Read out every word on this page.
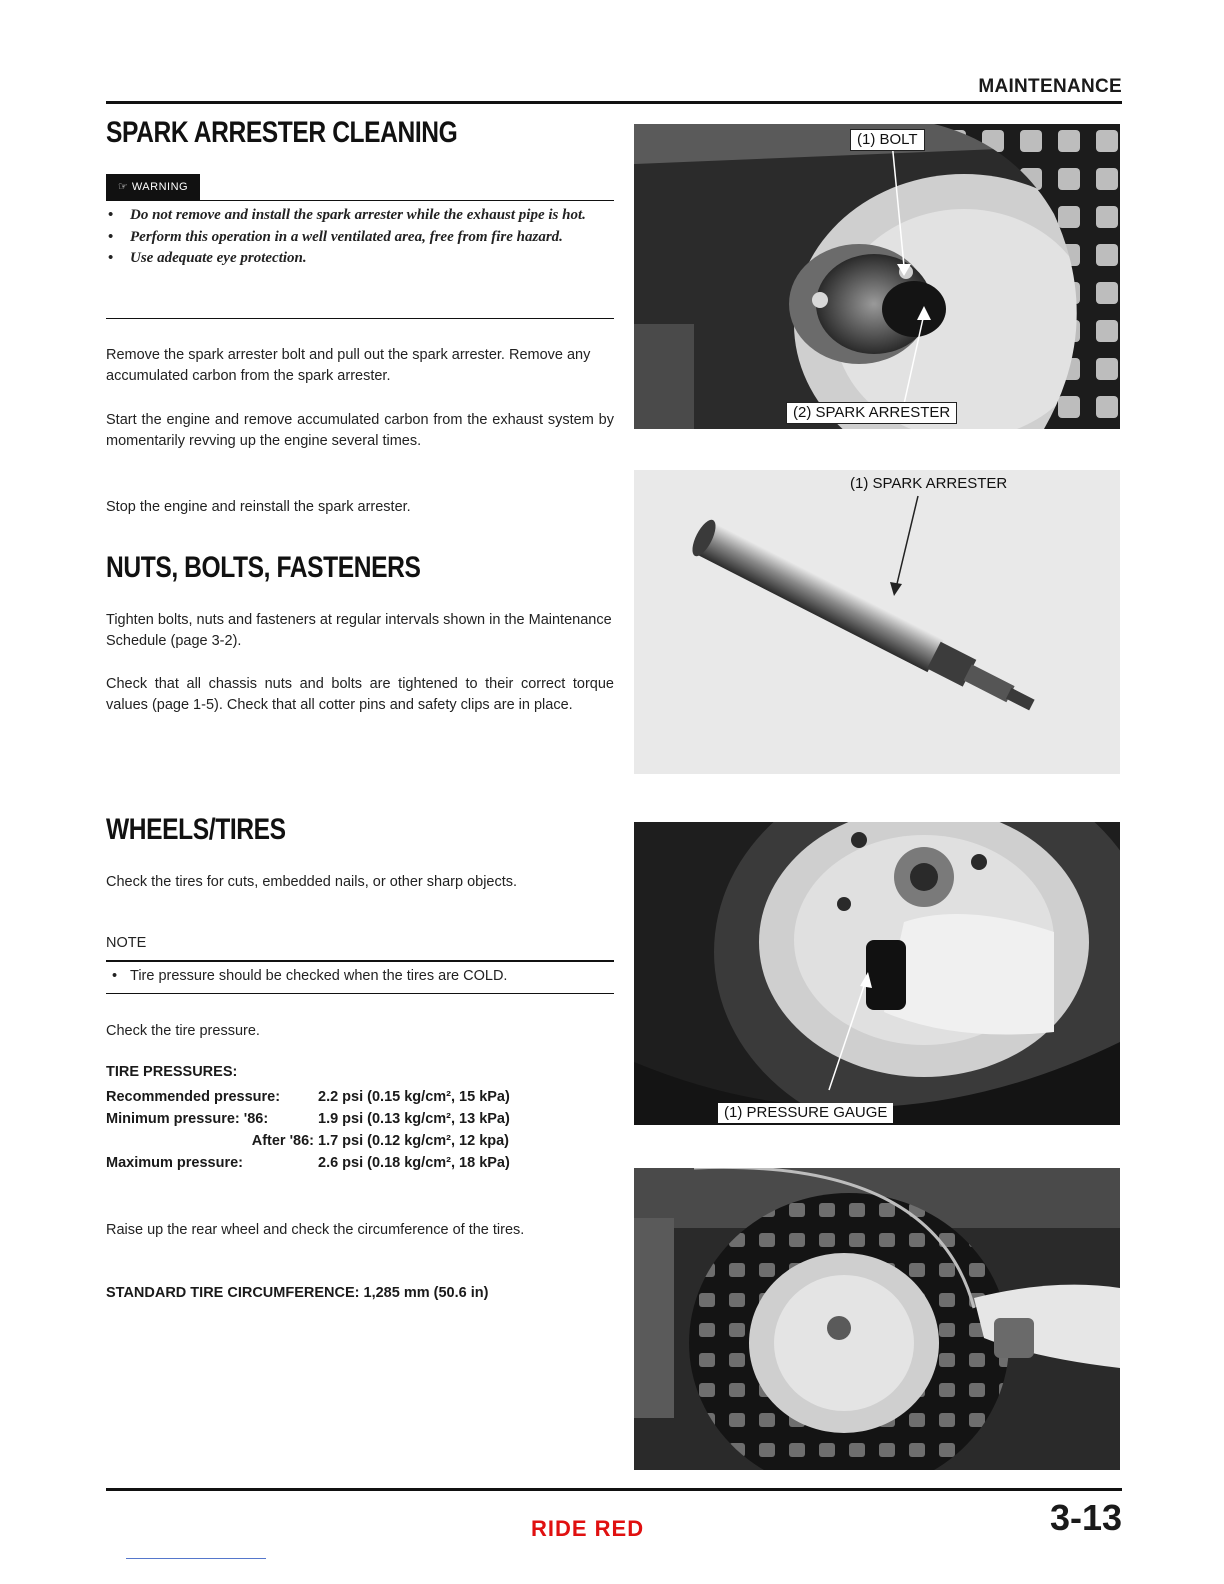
MAINTENANCE
SPARK ARRESTER CLEANING
☞ WARNING
• Do not remove and install the spark arrester while the exhaust pipe is hot.
• Perform this operation in a well ventilated area, free from fire hazard.
• Use adequate eye protection.
Remove the spark arrester bolt and pull out the spark arrester. Remove any accumulated carbon from the spark arrester.
Start the engine and remove accumulated carbon from the exhaust system by momentarily revving up the engine several times.
Stop the engine and reinstall the spark arrester.
NUTS, BOLTS, FASTENERS
Tighten bolts, nuts and fasteners at regular intervals shown in the Maintenance Schedule (page 3-2).
Check that all chassis nuts and bolts are tightened to their correct torque values (page 1-5). Check that all cotter pins and safety clips are in place.
WHEELS/TIRES
Check the tires for cuts, embedded nails, or other sharp objects.
NOTE
• Tire pressure should be checked when the tires are COLD.
Check the tire pressure.
TIRE PRESSURES:
Recommended pressure:	2.2 psi (0.15 kg/cm², 15 kPa)
Minimum pressure: '86:	1.9 psi (0.13 kg/cm², 13 kPa)
After '86:	1.7 psi (0.12 kg/cm², 12 kpa)
Maximum pressure:	2.6 psi (0.18 kg/cm², 18 kPa)
Raise up the rear wheel and check the circumference of the tires.
STANDARD TIRE CIRCUMFERENCE: 1,285 mm (50.6 in)
(1) BOLT
(2) SPARK ARRESTER
(1) SPARK ARRESTER
(1) PRESSURE GAUGE
RIDE RED	3-13
